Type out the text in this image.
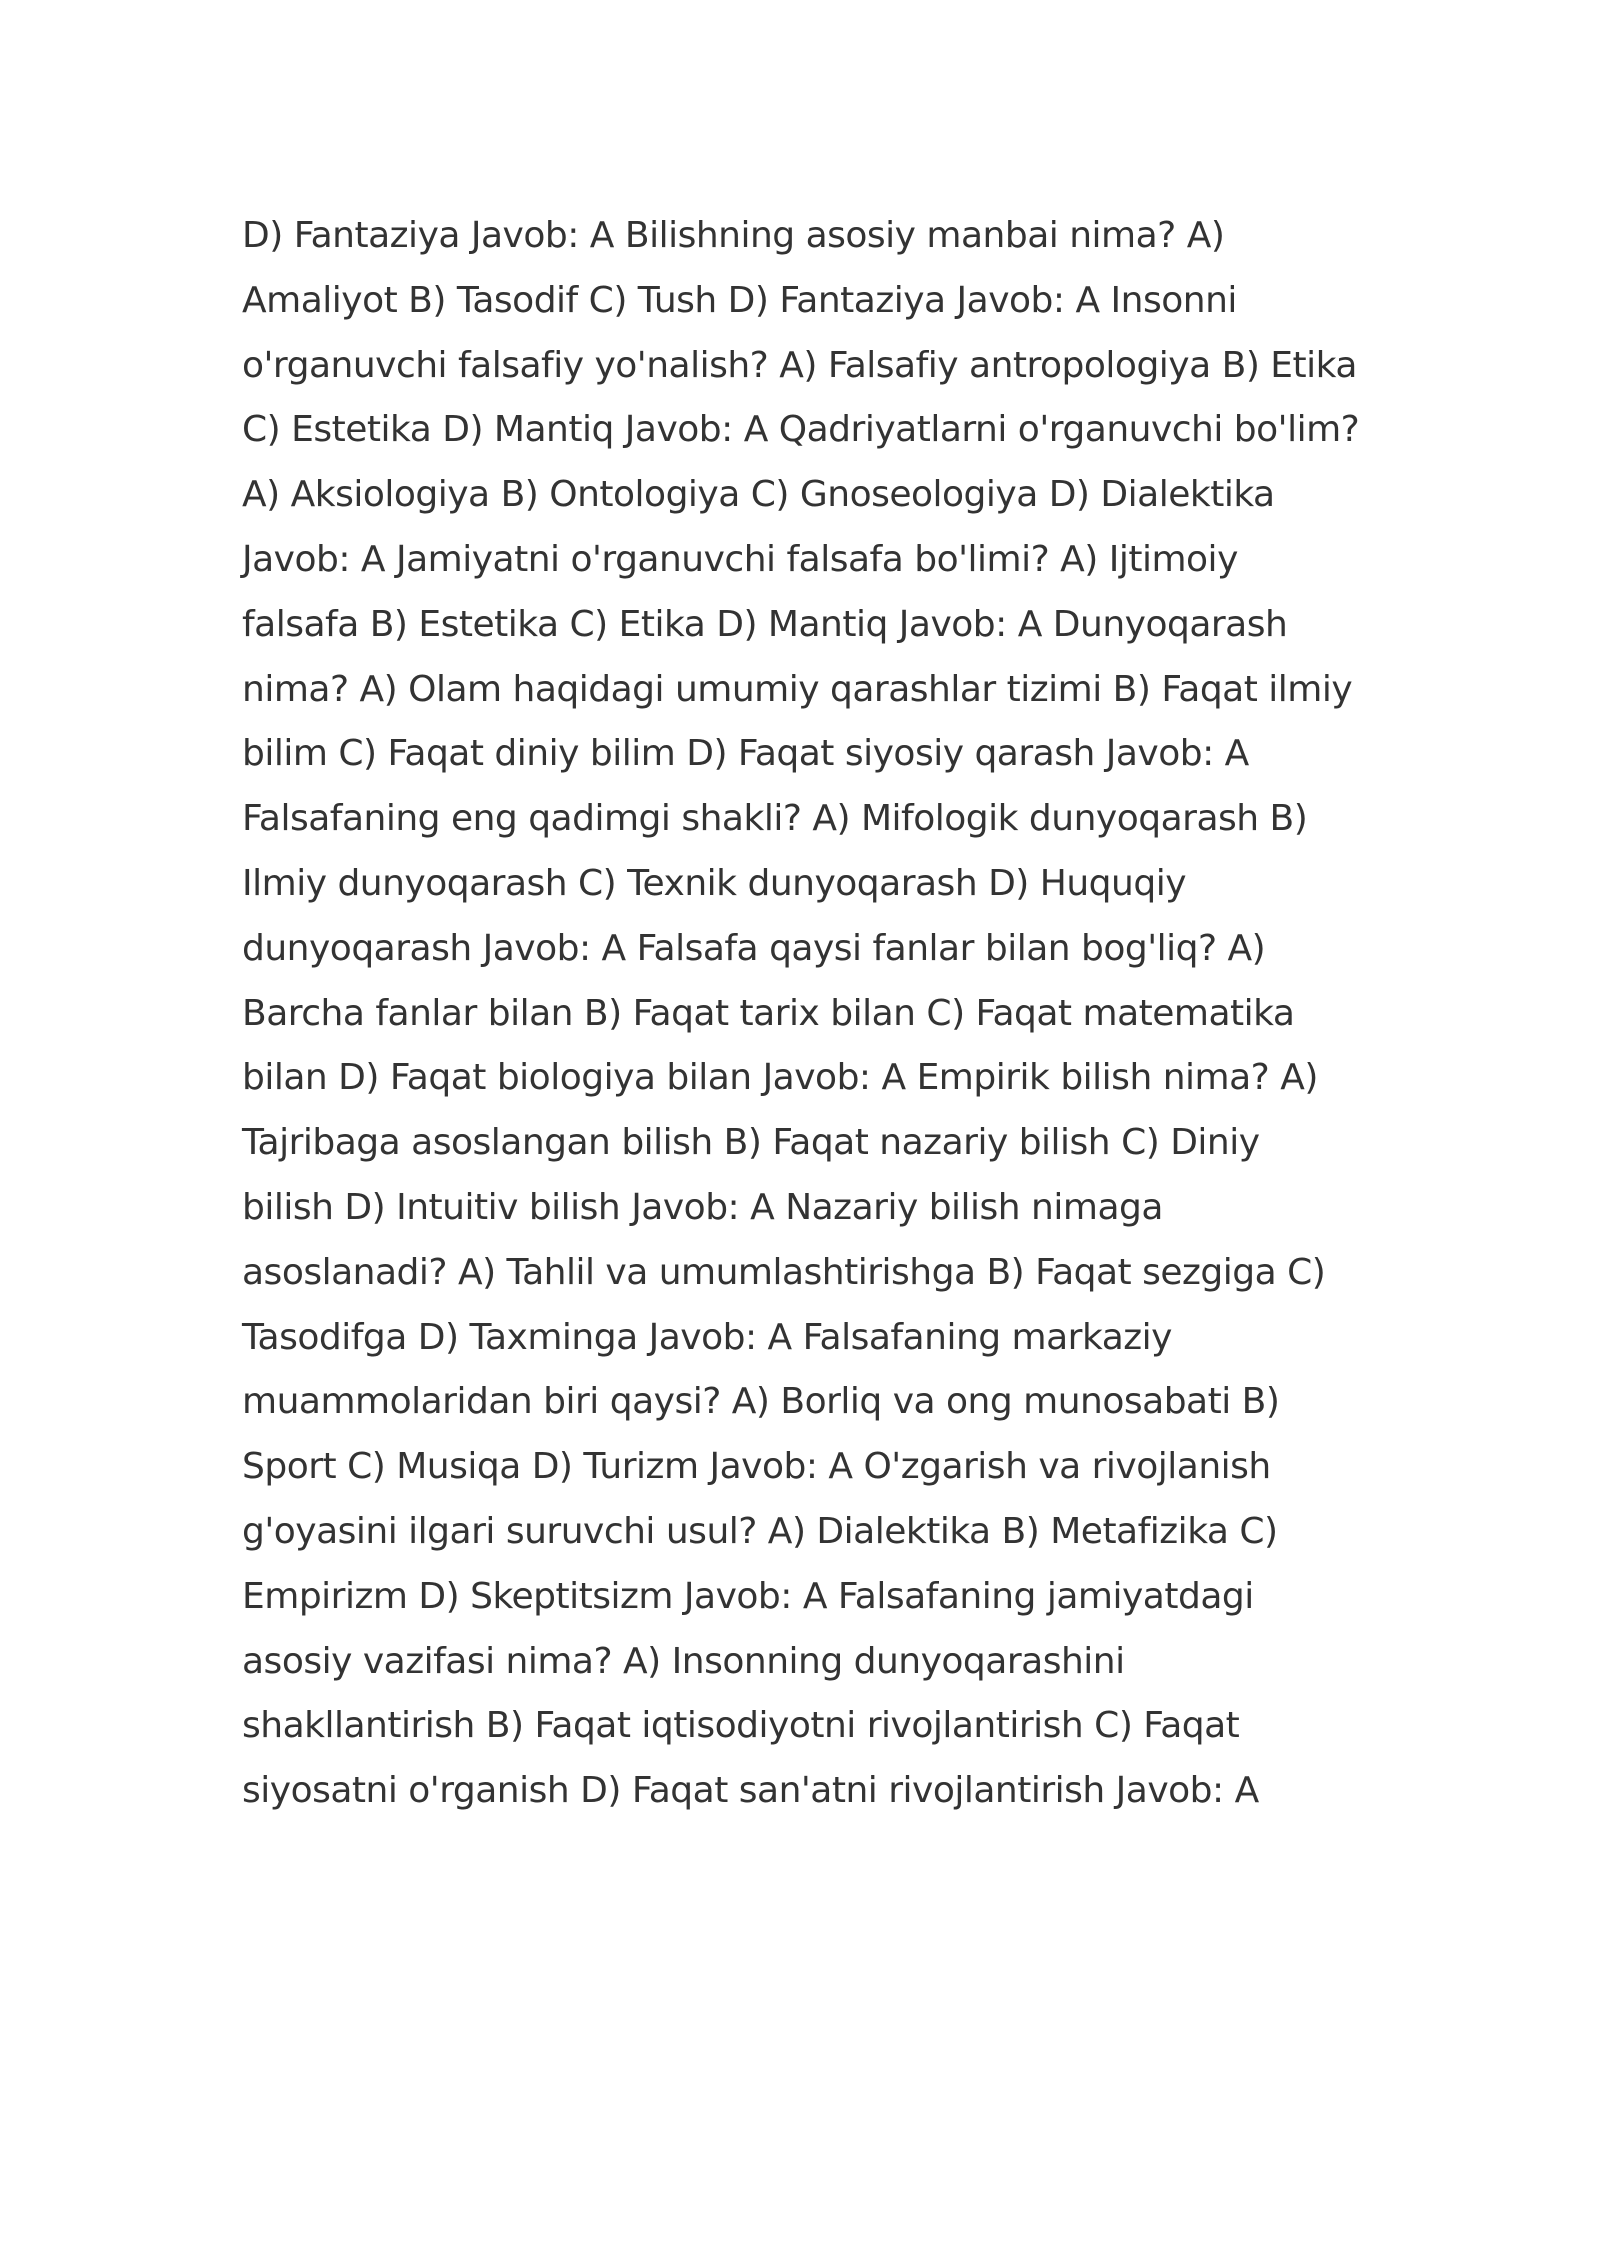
D) Fantaziya Javob: A Bilishning asosiy manbai nima? A)
Amaliyot B) Tasodif C) Tush D) Fantaziya Javob: A Insonni
o'rganuvchi falsafiy yo'nalish? A) Falsafiy antropologiya B) Etika
C) Estetika D) Mantiq Javob: A Qadriyatlarni o'rganuvchi bo'lim?
A) Aksiologiya B) Ontologiya C) Gnoseologiya D) Dialektika
Javob: A Jamiyatni o'rganuvchi falsafa bo'limi? A) Ijtimoiy
falsafa B) Estetika C) Etika D) Mantiq Javob: A Dunyoqarash
nima? A) Olam haqidagi umumiy qarashlar tizimi B) Faqat ilmiy
bilim C) Faqat diniy bilim D) Faqat siyosiy qarash Javob: A
Falsafaning eng qadimgi shakli? A) Mifologik dunyoqarash B)
Ilmiy dunyoqarash C) Texnik dunyoqarash D) Huquqiy
dunyoqarash Javob: A Falsafa qaysi fanlar bilan bog'liq? A)
Barcha fanlar bilan B) Faqat tarix bilan C) Faqat matematika
bilan D) Faqat biologiya bilan Javob: A Empirik bilish nima? A)
Tajribaga asoslangan bilish B) Faqat nazariy bilish C) Diniy
bilish D) Intuitiv bilish Javob: A Nazariy bilish nimaga
asoslanadi? A) Tahlil va umumlashtirishga B) Faqat sezgiga C)
Tasodifga D) Taxminga Javob: A Falsafaning markaziy
muammolaridan biri qaysi? A) Borliq va ong munosabati B)
Sport C) Musiqa D) Turizm Javob: A O'zgarish va rivojlanish
g'oyasini ilgari suruvchi usul? A) Dialektika B) Metafizika C)
Empirizm D) Skeptitsizm Javob: A Falsafaning jamiyatdagi
asosiy vazifasi nima? A) Insonning dunyoqarashini
shakllantirish B) Faqat iqtisodiyotni rivojlantirish C) Faqat
siyosatni o'rganish D) Faqat san'atni rivojlantirish Javob: A
